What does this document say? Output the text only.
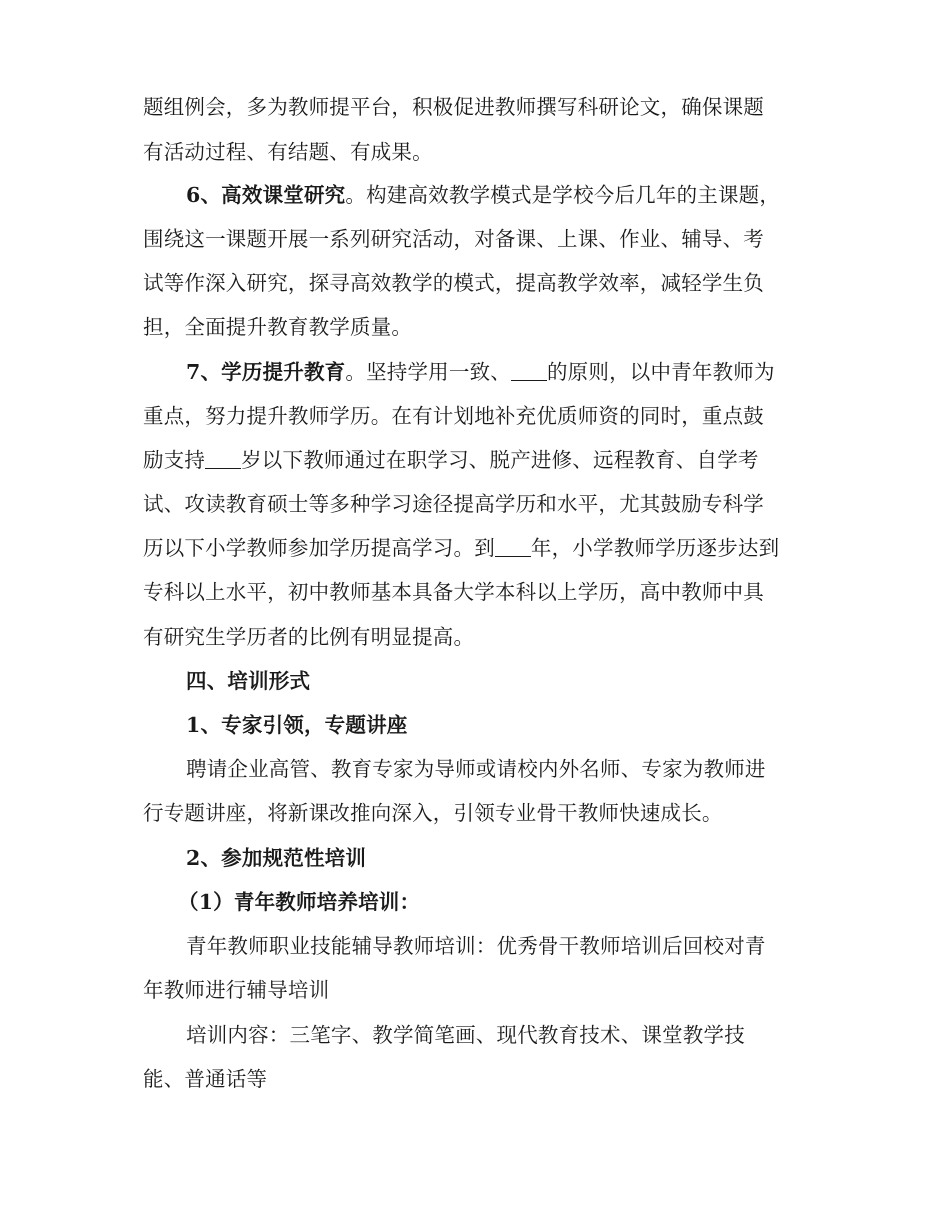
题组例会，多为教师提平台，积极促进教师撰写科研论文，确保课题
有活动过程、有结题、有成果。
6、高效课堂研究。构建高效教学模式是学校今后几年的主课题，
围绕这一课题开展一系列研究活动，对备课、上课、作业、辅导、考
试等作深入研究，探寻高效教学的模式，提高教学效率，减轻学生负
担，全面提升教育教学质量。
7、学历提升教育。坚持学用一致、 的原则，以中青年教师为
重点，努力提升教师学历。在有计划地补充优质师资的同时，重点鼓
励支持 岁以下教师通过在职学习、脱产进修、远程教育、自学考
试、攻读教育硕士等多种学习途径提高学历和水平，尤其鼓励专科学
历以下小学教师参加学历提高学习。到 年，小学教师学历逐步达到
专科以上水平，初中教师基本具备大学本科以上学历，高中教师中具
有研究生学历者的比例有明显提高。
四、培训形式
1、专家引领，专题讲座
聘请企业高管、教育专家为导师或请校内外名师、专家为教师进
行专题讲座，将新课改推向深入，引领专业骨干教师快速成长。
2、参加规范性培训
（1）青年教师培养培训：
青年教师职业技能辅导教师培训：优秀骨干教师培训后回校对青
年教师进行辅导培训
培训内容：三笔字、教学简笔画、现代教育技术、课堂教学技
能、普通话等
